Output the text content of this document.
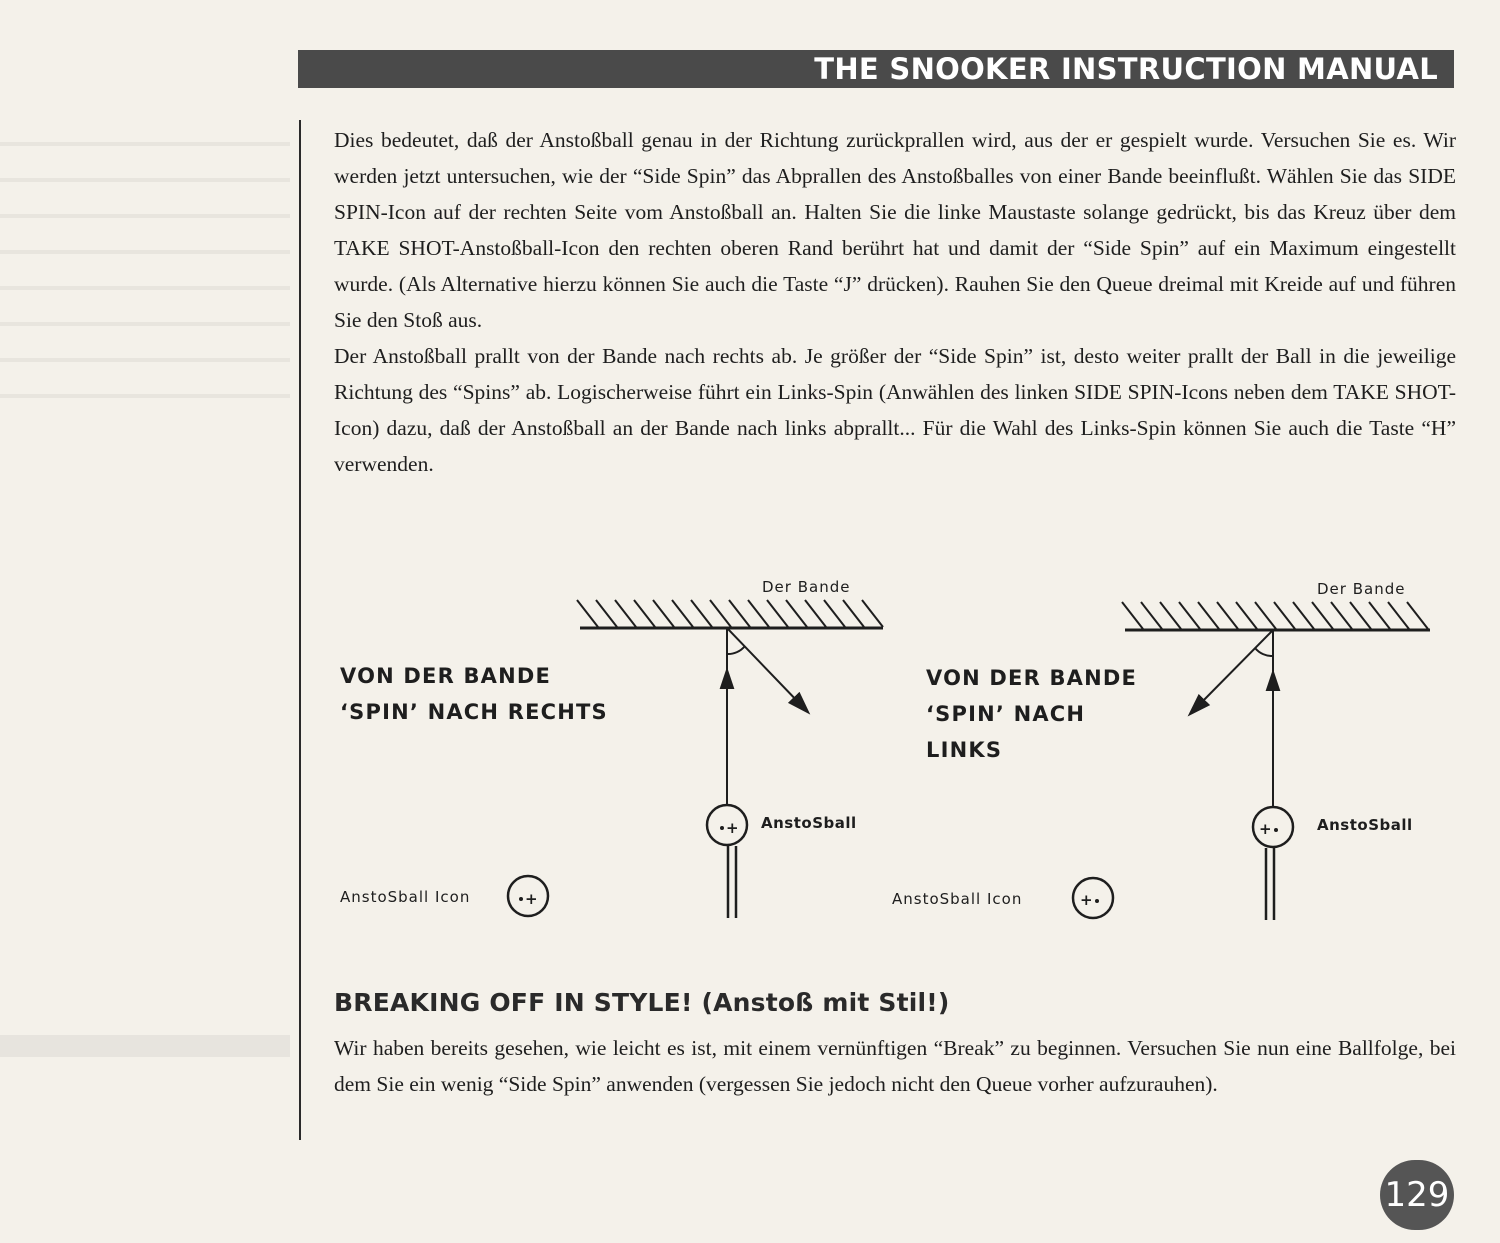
THE SNOOKER INSTRUCTION MANUAL

Dies bedeutet, daß der Anstoßball genau in der Richtung zurückprallen wird, aus der er gespielt wurde. Versuchen Sie es. Wir werden jetzt untersuchen, wie der “Side Spin” das Abprallen des Anstoßballes von einer Bande beeinflußt. Wählen Sie das SIDE SPIN-Icon auf der rechten Seite vom Anstoßball an. Halten Sie die linke Maustaste solange gedrückt, bis das Kreuz über dem TAKE SHOT-Anstoßball-Icon den rechten oberen Rand berührt hat und damit der “Side Spin” auf ein Maximum eingestellt wurde. (Als Alternative hierzu können Sie auch die Taste “J” drücken). Rauhen Sie den Queue dreimal mit Kreide auf und führen Sie den Stoß aus.

Der Anstoßball prallt von der Bande nach rechts ab. Je größer der “Side Spin” ist, desto weiter prallt der Ball in die jeweilige Richtung des “Spins” ab. Logischerweise führt ein Links-Spin (Anwählen des linken SIDE SPIN-Icons neben dem TAKE SHOT-Icon) dazu, daß der Anstoßball an der Bande nach links abprallt... Für die Wahl des Links-Spin können Sie auch die Taste “H” verwenden.

+
+
+
+
Der Bande
VON DER BANDE
‘SPIN’ NACH RECHTS
AnstoSball
AnstoSball Icon
Der Bande
VON DER BANDE
‘SPIN’ NACH
LINKS
AnstoSball
AnstoSball Icon
BREAKING OFF IN STYLE! (Anstoß mit Stil!)

Wir haben bereits gesehen, wie leicht es ist, mit einem vernünftigen “Break” zu beginnen. Versuchen Sie nun eine Ballfolge, bei dem Sie ein wenig “Side Spin” anwenden (vergessen Sie jedoch nicht den Queue vorher aufzurauhen).

129
